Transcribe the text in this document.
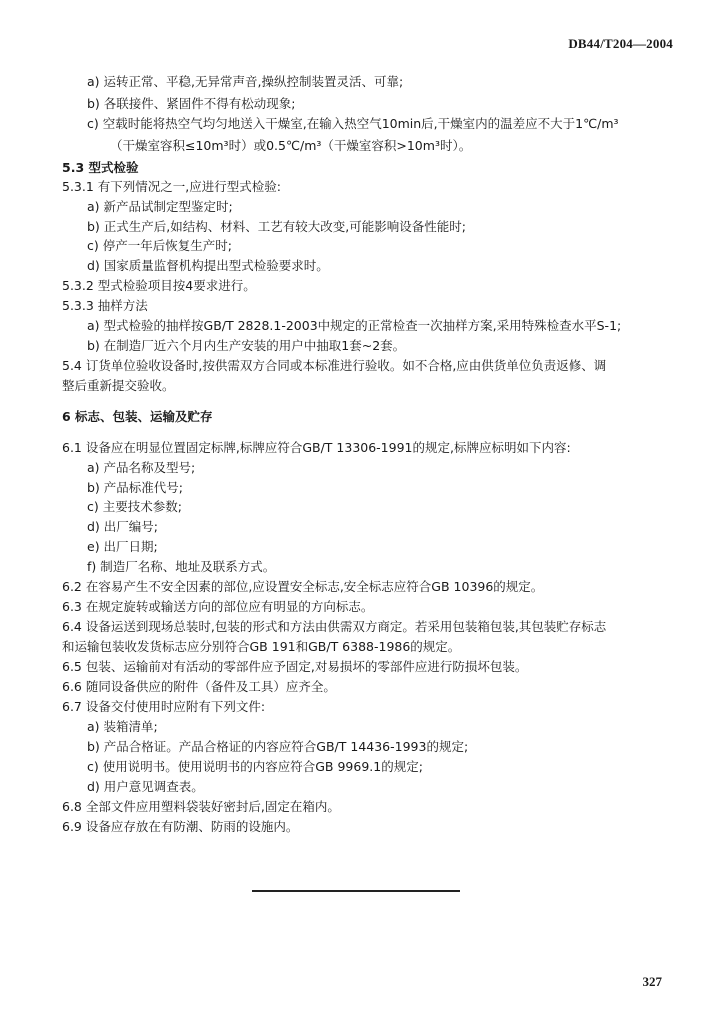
DB44/T204—2004
a) 运转正常、平稳,无异常声音,操纵控制装置灵活、可靠;
b) 各联接件、紧固件不得有松动现象;
c) 空载时能将热空气均匀地送入干燥室,在输入热空气10min后,干燥室内的温差应不大于1℃/m³
（干燥室容积≤10m³时）或0.5℃/m³（干燥室容积>10m³时）。
5.3 型式检验
5.3.1 有下列情况之一,应进行型式检验:
a) 新产品试制定型鉴定时;
b) 正式生产后,如结构、材料、工艺有较大改变,可能影响设备性能时;
c) 停产一年后恢复生产时;
d) 国家质量监督机构提出型式检验要求时。
5.3.2 型式检验项目按4要求进行。
5.3.3 抽样方法
a) 型式检验的抽样按GB/T 2828.1-2003中规定的正常检查一次抽样方案,采用特殊检查水平S-1;
b) 在制造厂近六个月内生产安装的用户中抽取1套~2套。
5.4 订货单位验收设备时,按供需双方合同或本标准进行验收。如不合格,应由供货单位负责返修、调
整后重新提交验收。
6 标志、包装、运输及贮存
6.1 设备应在明显位置固定标牌,标牌应符合GB/T 13306-1991的规定,标牌应标明如下内容:
a) 产品名称及型号;
b) 产品标准代号;
c) 主要技术参数;
d) 出厂编号;
e) 出厂日期;
f) 制造厂名称、地址及联系方式。
6.2 在容易产生不安全因素的部位,应设置安全标志,安全标志应符合GB 10396的规定。
6.3 在规定旋转或输送方向的部位应有明显的方向标志。
6.4 设备运送到现场总装时,包装的形式和方法由供需双方商定。若采用包装箱包装,其包装贮存标志
和运输包装收发货标志应分别符合GB 191和GB/T 6388-1986的规定。
6.5 包装、运输前对有活动的零部件应予固定,对易损坏的零部件应进行防损坏包装。
6.6 随同设备供应的附件（备件及工具）应齐全。
6.7 设备交付使用时应附有下列文件:
a) 装箱清单;
b) 产品合格证。产品合格证的内容应符合GB/T 14436-1993的规定;
c) 使用说明书。使用说明书的内容应符合GB 9969.1的规定;
d) 用户意见调查表。
6.8 全部文件应用塑料袋装好密封后,固定在箱内。
6.9 设备应存放在有防潮、防雨的设施内。
327
